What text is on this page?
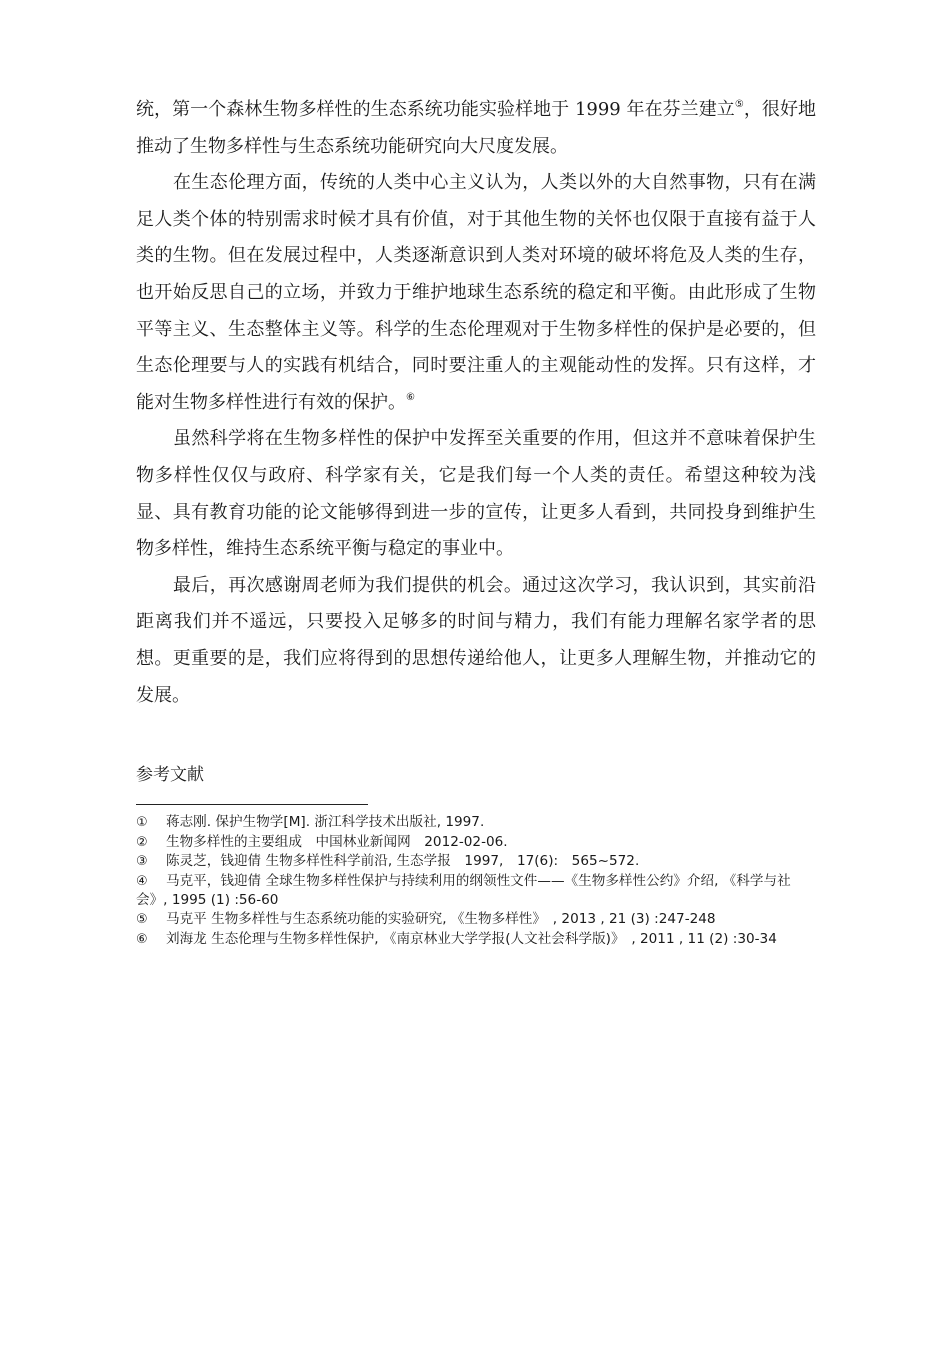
统，第一个森林生物多样性的生态系统功能实验样地于 1999 年在芬兰建立⑤，很好地推动了生物多样性与生态系统功能研究向大尺度发展。

在生态伦理方面，传统的人类中心主义认为，人类以外的大自然事物，只有在满足人类个体的特别需求时候才具有价值，对于其他生物的关怀也仅限于直接有益于人类的生物。但在发展过程中，人类逐渐意识到人类对环境的破坏将危及人类的生存，也开始反思自己的立场，并致力于维护地球生态系统的稳定和平衡。由此形成了生物平等主义、生态整体主义等。科学的生态伦理观对于生物多样性的保护是必要的，但生态伦理要与人的实践有机结合，同时要注重人的主观能动性的发挥。只有这样，才能对生物多样性进行有效的保护。⑥

虽然科学将在生物多样性的保护中发挥至关重要的作用，但这并不意味着保护生物多样性仅仅与政府、科学家有关，它是我们每一个人类的责任。希望这种较为浅显、具有教育功能的论文能够得到进一步的宣传，让更多人看到，共同投身到维护生物多样性，维持生态系统平衡与稳定的事业中。

最后，再次感谢周老师为我们提供的机会。通过这次学习，我认识到，其实前沿距离我们并不遥远，只要投入足够多的时间与精力，我们有能力理解名家学者的思想。更重要的是，我们应将得到的思想传递给他人，让更多人理解生物，并推动它的发展。

参考文献
① 蒋志刚. 保护生物学[M]. 浙江科学技术出版社, 1997.
② 生物多样性的主要组成　中国林业新闻网　2012-02-06.
③ 陈灵芝，钱迎倩 生物多样性科学前沿, 生态学报　1997,　17(6):　565~572.
④ 马克平，钱迎倩 全球生物多样性保护与持续利用的纲领性文件——《生物多样性公约》介绍, 《科学与社会》, 1995 (1) :56-60
⑤ 马克平 生物多样性与生态系统功能的实验研究, 《生物多样性》　, 2013 , 21 (3) :247-248
⑥ 刘海龙 生态伦理与生物多样性保护, 《南京林业大学学报(人文社会科学版)》　, 2011 , 11 (2) :30-34
